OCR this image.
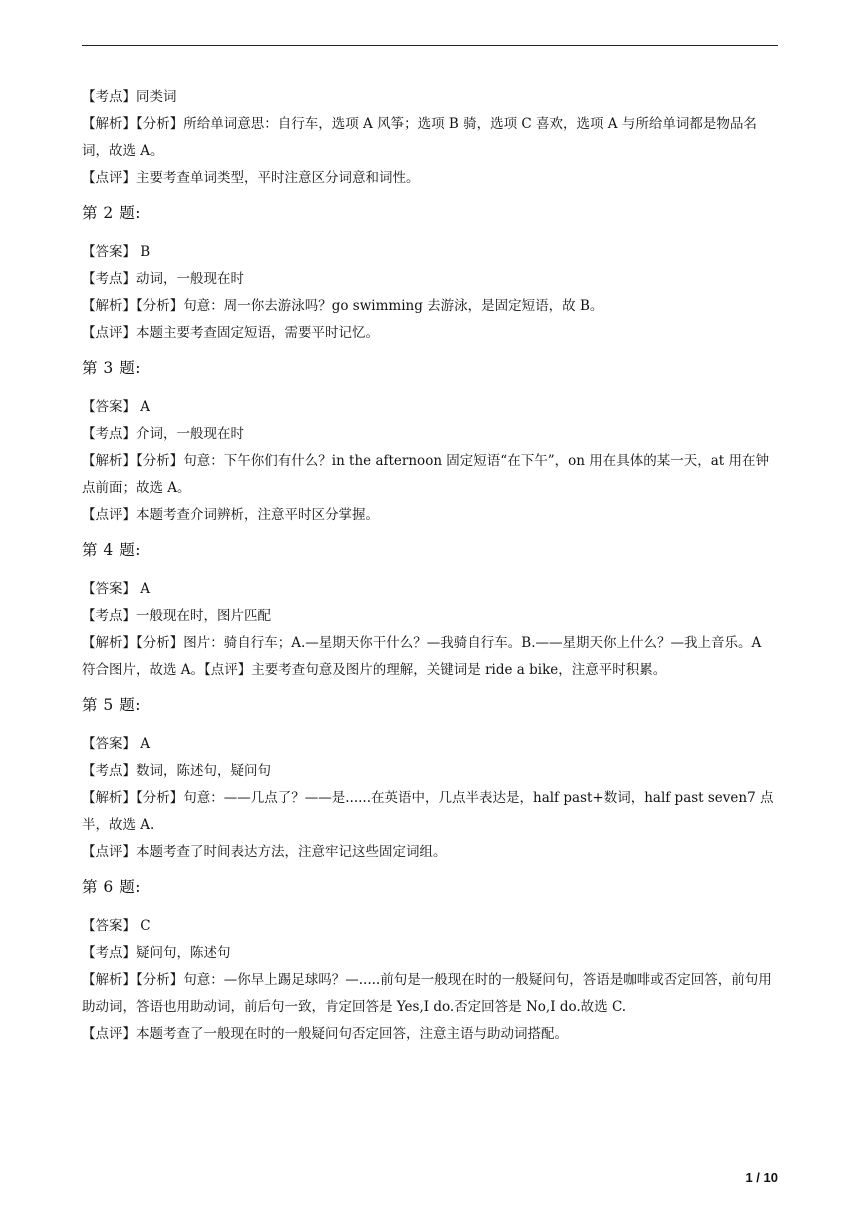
【考点】同类词

【解析】【分析】所给单词意思：自行车，选项 A 风筝；选项 B 骑，选项 C 喜欢，选项 A 与所给单词都是物品名词，故选 A。

【点评】主要考查单词类型，平时注意区分词意和词性。

第 2 题:

【答案】 B

【考点】动词，一般现在时

【解析】【分析】句意：周一你去游泳吗？go swimming 去游泳，是固定短语，故 B。

【点评】本题主要考查固定短语，需要平时记忆。

第 3 题:

【答案】 A

【考点】介词，一般现在时

【解析】【分析】句意：下午你们有什么？in the afternoon 固定短语“在下午”，on 用在具体的某一天，at 用在钟点前面；故选 A。

【点评】本题考查介词辨析，注意平时区分掌握。

第 4 题:

【答案】 A

【考点】一般现在时，图片匹配

【解析】【分析】图片：骑自行车；A.—星期天你干什么？—我骑自行车。B.——星期天你上什么？—我上音乐。A 符合图片，故选 A。【点评】主要考查句意及图片的理解，关键词是 ride a bike，注意平时积累。

第 5 题:

【答案】 A

【考点】数词，陈述句，疑问句

【解析】【分析】句意：——几点了？——是......在英语中，几点半表达是，half past+数词，half past seven7 点半，故选 A.

【点评】本题考查了时间表达方法，注意牢记这些固定词组。

第 6 题:

【答案】 C

【考点】疑问句，陈述句

【解析】【分析】句意：—你早上踢足球吗？—.....前句是一般现在时的一般疑问句，答语是咖啡或否定回答，前句用助动词，答语也用助动词，前后句一致，肯定回答是 Yes,I do.否定回答是 No,I do.故选 C.

【点评】本题考查了一般现在时的一般疑问句否定回答，注意主语与助动词搭配。

1 / 10
